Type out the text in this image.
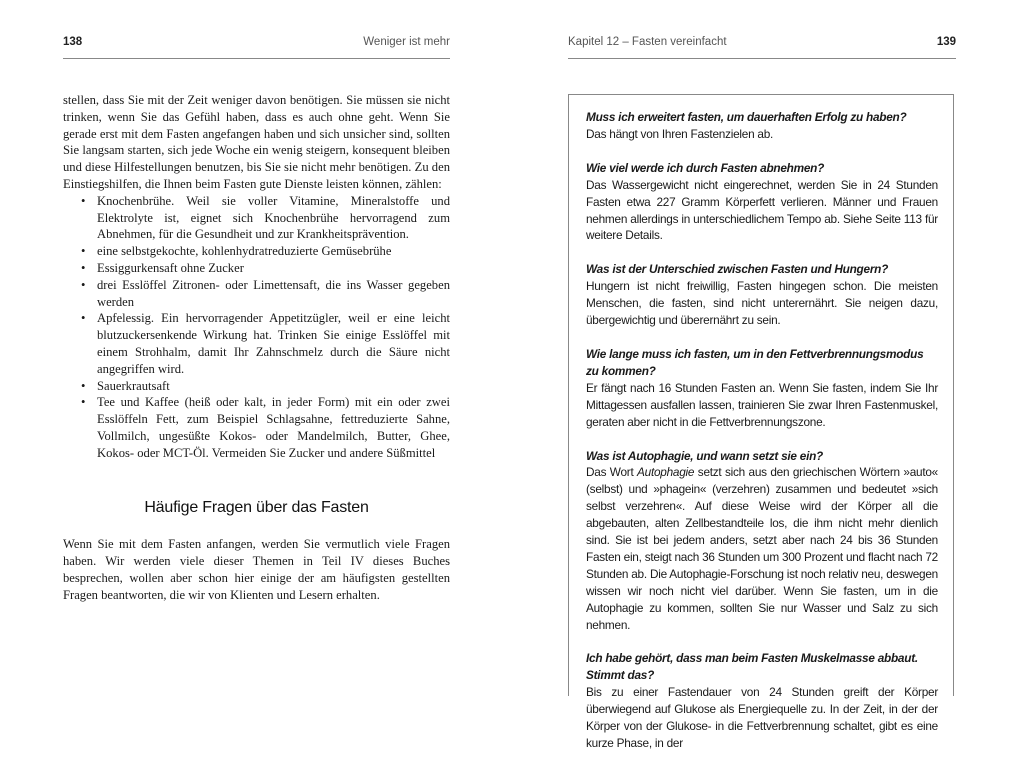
138	Weniger ist mehr

stellen, dass Sie mit der Zeit weniger davon benötigen. Sie müssen sie nicht trinken, wenn Sie das Gefühl haben, dass es auch ohne geht. Wenn Sie gerade erst mit dem Fasten angefangen haben und sich unsicher sind, sollten Sie langsam starten, sich jede Woche ein wenig steigern, konsequent bleiben und diese Hilfestellungen benutzen, bis Sie sie nicht mehr benötigen. Zu den Einstiegshilfen, die Ihnen beim Fasten gute Dienste leisten können, zählen:

• Knochenbrühe. Weil sie voller Vitamine, Mineralstoffe und Elektrolyte ist, eignet sich Knochenbrühe hervorragend zum Abnehmen, für die Gesundheit und zur Krankheitsprävention.
• eine selbstgekochte, kohlenhydratreduzierte Gemüsebrühe
• Essiggurkensaft ohne Zucker
• drei Esslöffel Zitronen- oder Limettensaft, die ins Wasser gegeben werden
• Apfelessig. Ein hervorragender Appetitzügler, weil er eine leicht blutzuckersenkende Wirkung hat. Trinken Sie einige Esslöffel mit einem Strohhalm, damit Ihr Zahnschmelz durch die Säure nicht angegriffen wird.
• Sauerkrautsaft
• Tee und Kaffee (heiß oder kalt, in jeder Form) mit ein oder zwei Esslöffeln Fett, zum Beispiel Schlagsahne, fettreduzierte Sahne, Vollmilch, ungesüßte Kokos- oder Mandelmilch, Butter, Ghee, Kokos- oder MCT-Öl. Vermeiden Sie Zucker und andere Süßmittel
Häufige Fragen über das Fasten

Wenn Sie mit dem Fasten anfangen, werden Sie vermutlich viele Fragen haben. Wir werden viele dieser Themen in Teil IV dieses Buches besprechen, wollen aber schon hier einige der am häufigsten gestellten Fragen beantworten, die wir von Klienten und Lesern erhalten.

Kapitel 12 – Fasten vereinfacht	139

Muss ich erweitert fasten, um dauerhaften Erfolg zu haben?

Das hängt von Ihren Fastenzielen ab.

Wie viel werde ich durch Fasten abnehmen?

Das Wassergewicht nicht eingerechnet, werden Sie in 24 Stunden Fasten etwa 227 Gramm Körperfett verlieren. Männer und Frauen nehmen allerdings in unterschiedlichem Tempo ab. Siehe Seite 113 für weitere Details.

Was ist der Unterschied zwischen Fasten und Hungern?

Hungern ist nicht freiwillig, Fasten hingegen schon. Die meisten Menschen, die fasten, sind nicht unterernährt. Sie neigen dazu, übergewichtig und überernährt zu sein.

Wie lange muss ich fasten, um in den Fettverbrennungsmodus zu kommen?

Er fängt nach 16 Stunden Fasten an. Wenn Sie fasten, indem Sie Ihr Mittagessen ausfallen lassen, trainieren Sie zwar Ihren Fastenmuskel, geraten aber nicht in die Fettverbrennungszone.

Was ist Autophagie, und wann setzt sie ein?

Das Wort Autophagie setzt sich aus den griechischen Wörtern »auto« (selbst) und »phagein« (verzehren) zusammen und bedeutet »sich selbst verzehren«. Auf diese Weise wird der Körper all die abgebauten, alten Zellbestandteile los, die ihm nicht mehr dienlich sind. Sie ist bei jedem anders, setzt aber nach 24 bis 36 Stunden Fasten ein, steigt nach 36 Stunden um 300 Prozent und flacht nach 72 Stunden ab. Die Autophagie-Forschung ist noch relativ neu, deswegen wissen wir noch nicht viel darüber. Wenn Sie fasten, um in die Autophagie zu kommen, sollten Sie nur Wasser und Salz zu sich nehmen.

Ich habe gehört, dass man beim Fasten Muskelmasse abbaut. Stimmt das?

Bis zu einer Fastendauer von 24 Stunden greift der Körper überwiegend auf Glukose als Energiequelle zu. In der Zeit, in der der Körper von der Glukose- in die Fettverbrennung schaltet, gibt es eine kurze Phase, in der
